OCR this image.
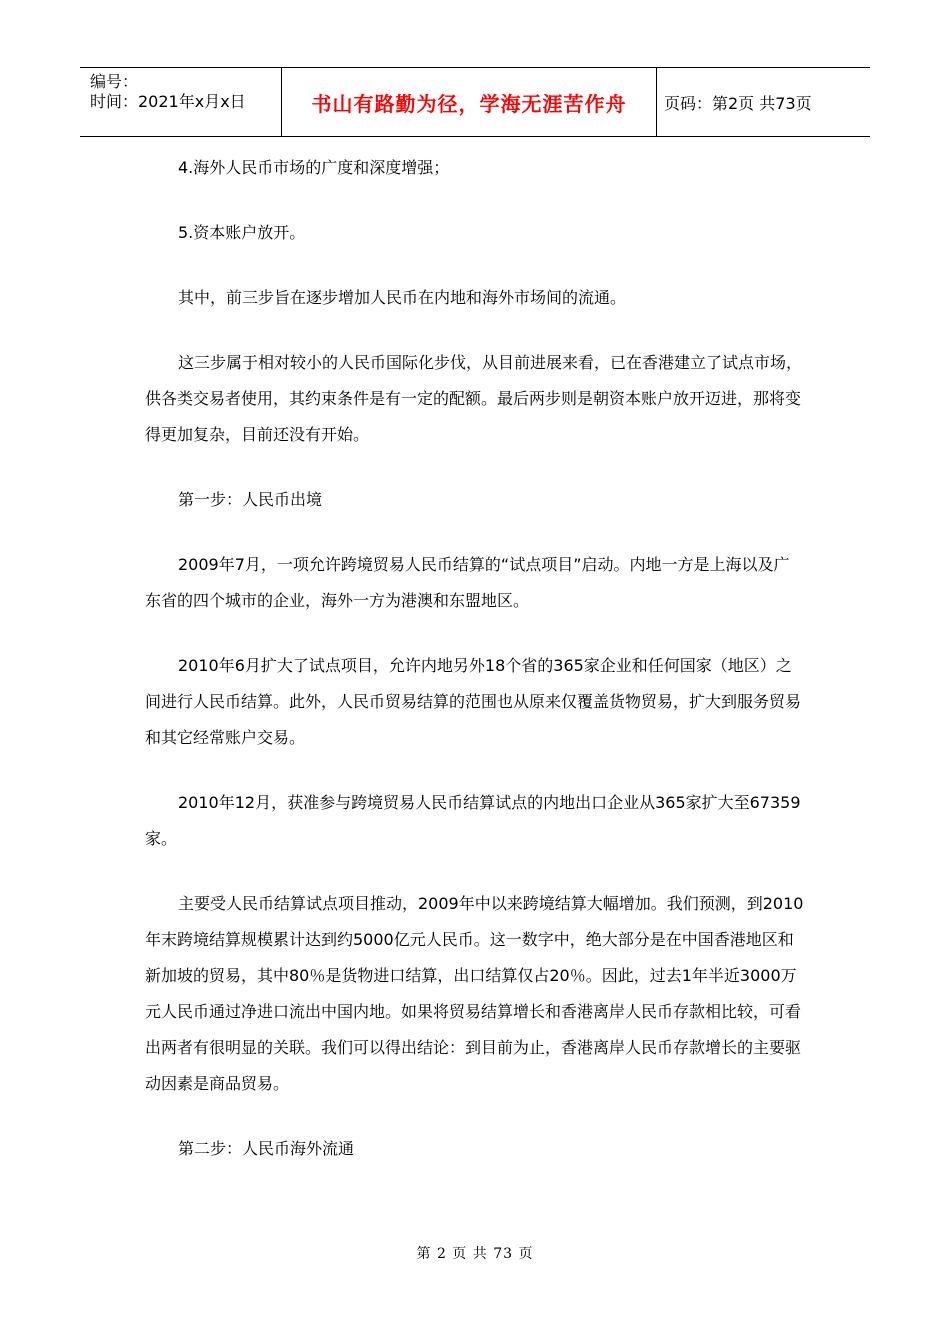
编号：
时间：2021年x月x日	书山有路勤为径，学海无涯苦作舟	页码：第2页 共73页

4.海外人民币市场的广度和深度增强；

5.资本账户放开。

其中，前三步旨在逐步增加人民币在内地和海外市场间的流通。

这三步属于相对较小的人民币国际化步伐，从目前进展来看，已在香港建立了试点市场，供各类交易者使用，其约束条件是有一定的配额。最后两步则是朝资本账户放开迈进，那将变得更加复杂，目前还没有开始。

第一步：人民币出境

2009年7月，一项允许跨境贸易人民币结算的“试点项目”启动。内地一方是上海以及广东省的四个城市的企业，海外一方为港澳和东盟地区。

2010年6月扩大了试点项目，允许内地另外18个省的365家企业和任何国家（地区）之间进行人民币结算。此外，人民币贸易结算的范围也从原来仅覆盖货物贸易，扩大到服务贸易和其它经常账户交易。

2010年12月，获准参与跨境贸易人民币结算试点的内地出口企业从365家扩大至67359家。

主要受人民币结算试点项目推动，2009年中以来跨境结算大幅增加。我们预测，到2010年末跨境结算规模累计达到约5000亿元人民币。这一数字中，绝大部分是在中国香港地区和新加坡的贸易，其中80％是货物进口结算，出口结算仅占20％。因此，过去1年半近3000万元人民币通过净进口流出中国内地。如果将贸易结算增长和香港离岸人民币存款相比较，可看出两者有很明显的关联。我们可以得出结论：到目前为止，香港离岸人民币存款增长的主要驱动因素是商品贸易。

第二步：人民币海外流通

第 2 页 共 73 页
